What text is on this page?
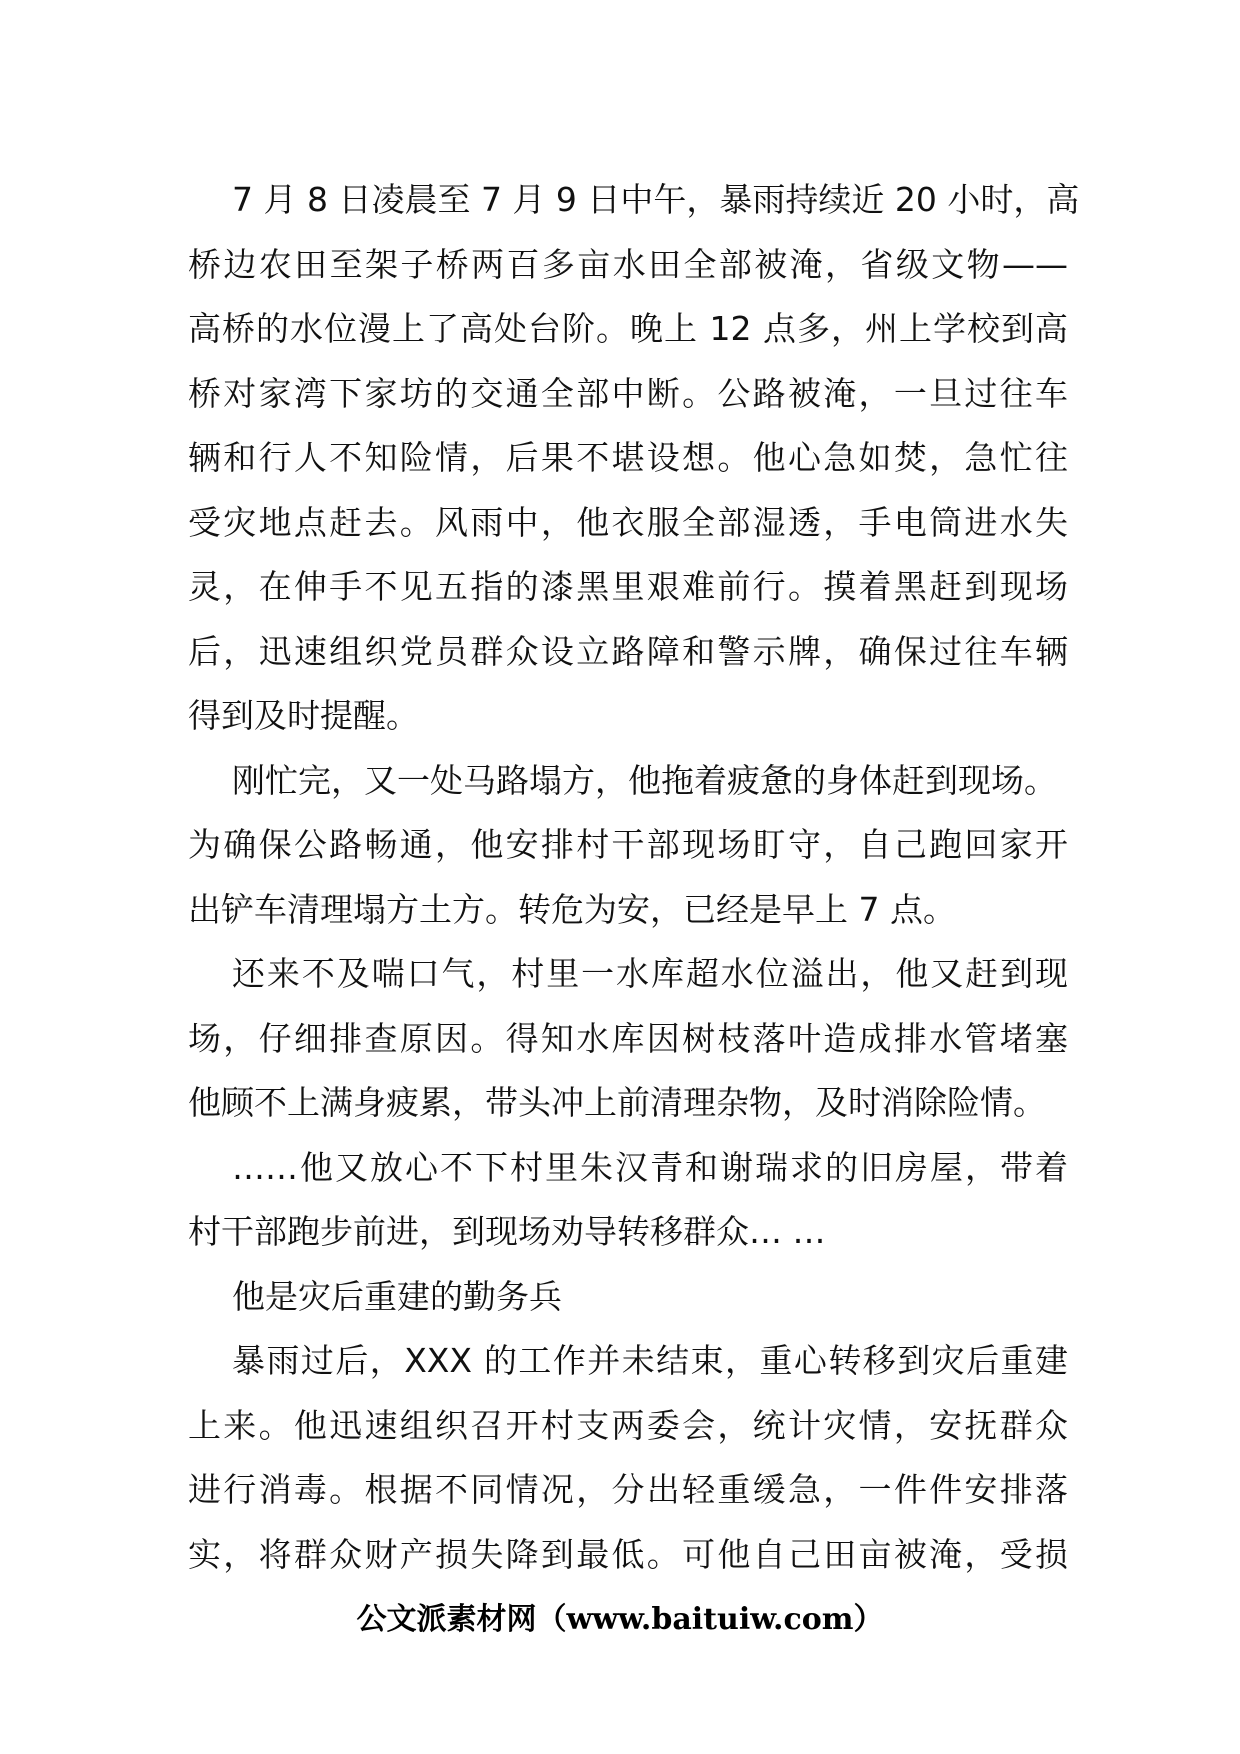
7 月 8 日凌晨至 7 月 9 日中午，暴雨持续近 20 小时，高
桥边农田至架子桥两百多亩水田全部被淹，省级文物——
高桥的水位漫上了高处台阶。晚上 12 点多，州上学校到高
桥对家湾下家坊的交通全部中断。公路被淹，一旦过往车
辆和行人不知险情，后果不堪设想。他心急如焚，急忙往
受灾地点赶去。风雨中，他衣服全部湿透，手电筒进水失
灵，在伸手不见五指的漆黑里艰难前行。摸着黑赶到现场
后，迅速组织党员群众设立路障和警示牌，确保过往车辆
得到及时提醒。
刚忙完，又一处马路塌方，他拖着疲惫的身体赶到现场。
为确保公路畅通，他安排村干部现场盯守，自己跑回家开
出铲车清理塌方土方。转危为安，已经是早上 7 点。
还来不及喘口气，村里一水库超水位溢出，他又赶到现
场，仔细排查原因。得知水库因树枝落叶造成排水管堵塞
他顾不上满身疲累，带头冲上前清理杂物，及时消除险情。
……他又放心不下村里朱汉青和谢瑞求的旧房屋，带着
村干部跑步前进，到现场劝导转移群众… …
他是灾后重建的勤务兵
暴雨过后，XXX 的工作并未结束，重心转移到灾后重建
上来。他迅速组织召开村支两委会，统计灾情，安抚群众
进行消毒。根据不同情况，分出轻重缓急，一件件安排落
实，将群众财产损失降到最低。可他自己田亩被淹，受损
公文派素材网（www.baituiw.com）
